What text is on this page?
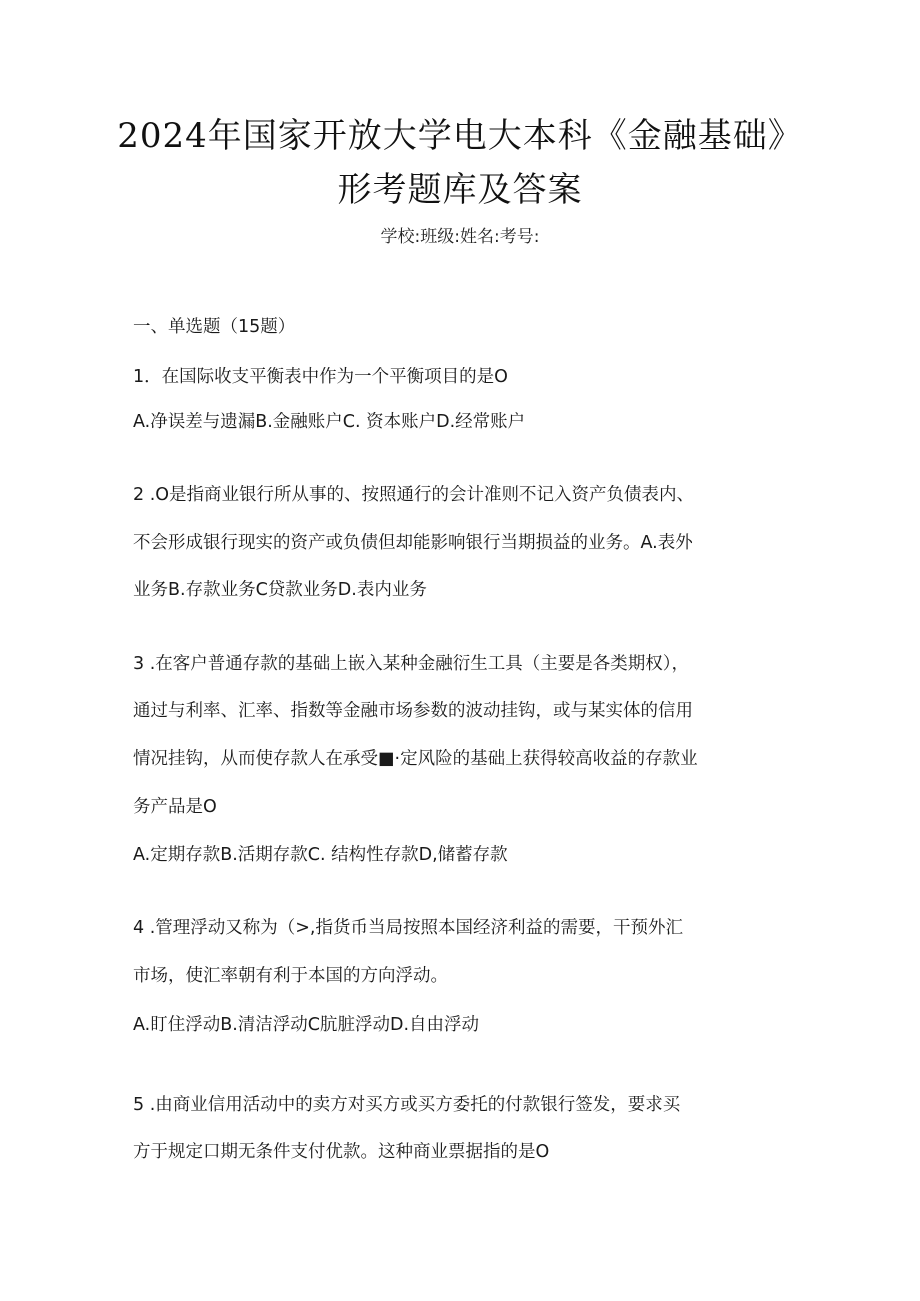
2024年国家开放大学电大本科《金融基础》
形考题库及答案
学校:班级:姓名:考号:
一、单选题（15题）
1．在国际收支平衡表中作为一个平衡项目的是O
A.净误差与遗漏B.金融账户C. 资本账户D.经常账户
2 .O是指商业银行所从事的、按照通行的会计准则不记入资产负债表内、
不会形成银行现实的资产或负债但却能影响银行当期损益的业务。A.表外
业务B.存款业务C贷款业务D.表内业务
3 .在客户普通存款的基础上嵌入某种金融衍生工具（主要是各类期权），
通过与利率、汇率、指数等金融市场参数的波动挂钩，或与某实体的信用
情况挂钩，从而使存款人在承受■·定风险的基础上获得较高收益的存款业
务产品是O
A.定期存款B.活期存款C. 结构性存款D,储蓄存款
4 .管理浮动又称为（>,指货币当局按照本国经济利益的需要，干预外汇
市场，使汇率朝有利于本国的方向浮动。
A.盯住浮动B.清洁浮动C肮脏浮动D.自由浮动
5 .由商业信用活动中的卖方对买方或买方委托的付款银行签发，要求买
方于规定口期无条件支付优款。这种商业票据指的是O
